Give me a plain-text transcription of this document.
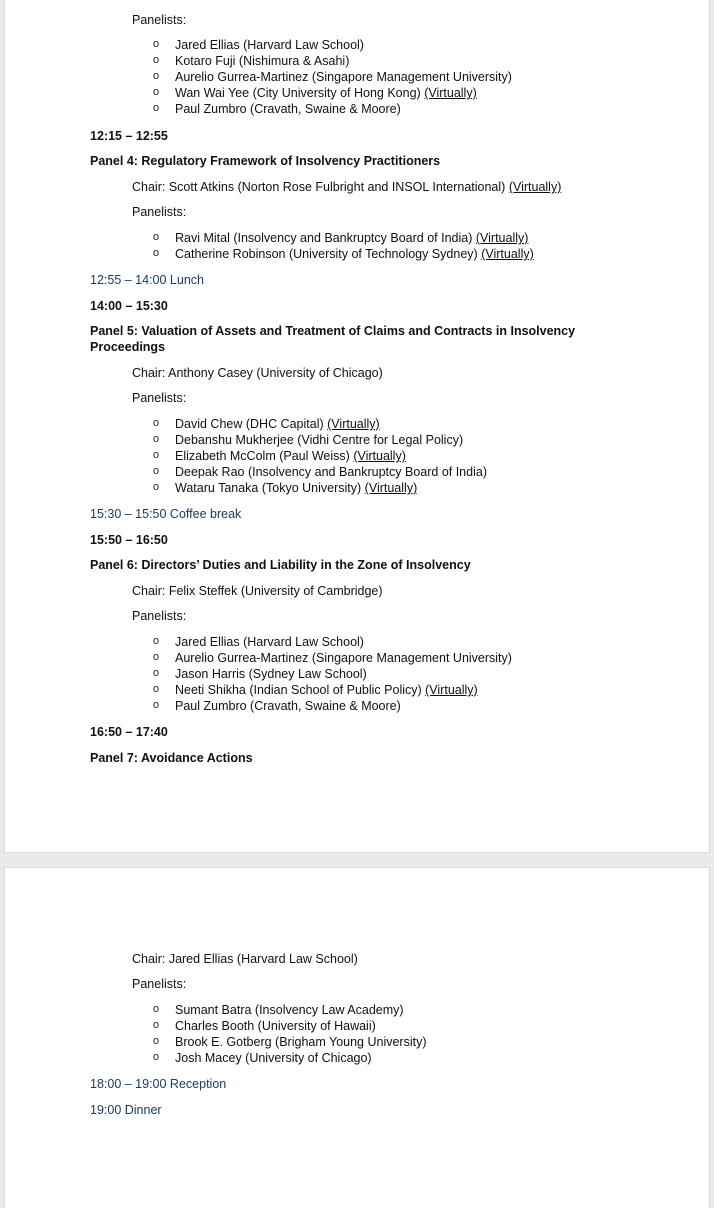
Panelists:
o Jared Ellias (Harvard Law School)
o Kotaro Fuji (Nishimura & Asahi)
o Aurelio Gurrea-Martinez (Singapore Management University)
o Wan Wai Yee (City University of Hong Kong) (Virtually)
o Paul Zumbro (Cravath, Swaine & Moore)
12:15 – 12:55
Panel 4: Regulatory Framework of Insolvency Practitioners
Chair: Scott Atkins (Norton Rose Fulbright and INSOL International) (Virtually)
Panelists:
o Ravi Mital (Insolvency and Bankruptcy Board of India) (Virtually)
o Catherine Robinson (University of Technology Sydney) (Virtually)
12:55 – 14:00 Lunch
14:00 – 15:30
Panel 5: Valuation of Assets and Treatment of Claims and Contracts in Insolvency
Proceedings
Chair: Anthony Casey (University of Chicago)
Panelists:
o David Chew (DHC Capital) (Virtually)
o Debanshu Mukherjee (Vidhi Centre for Legal Policy)
o Elizabeth McColm (Paul Weiss) (Virtually)
o Deepak Rao (Insolvency and Bankruptcy Board of India)
o Wataru Tanaka (Tokyo University) (Virtually)
15:30 – 15:50 Coffee break
15:50 – 16:50
Panel 6: Directors’ Duties and Liability in the Zone of Insolvency
Chair: Felix Steffek (University of Cambridge)
Panelists:
o Jared Ellias (Harvard Law School)
o Aurelio Gurrea-Martinez (Singapore Management University)
o Jason Harris (Sydney Law School)
o Neeti Shikha (Indian School of Public Policy) (Virtually)
o Paul Zumbro (Cravath, Swaine & Moore)
16:50 – 17:40
Panel 7: Avoidance Actions
Chair: Jared Ellias (Harvard Law School)
Panelists:
o Sumant Batra (Insolvency Law Academy)
o Charles Booth (University of Hawaii)
o Brook E. Gotberg (Brigham Young University)
o Josh Macey (University of Chicago)
18:00 – 19:00 Reception
19:00 Dinner
